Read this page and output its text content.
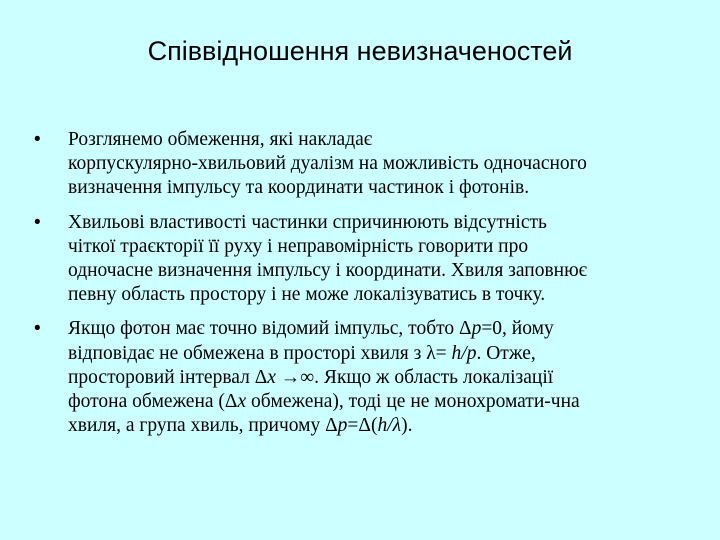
Співвідношення невизначеностей
• Розглянемо обмеження, які накладає
корпускулярно-хвильовий дуалізм на можливість одночасного
визначення імпульсу та координати частинок і фотонів.
• Хвильові властивості частинки спричинюють відсутність
чіткої траєкторії її руху і неправомірність говорити про
одночасне визначення імпульсу і координати. Хвиля заповнює
певну область простору і не може локалізуватись в точку.
• Якщо фотон має точно відомий імпульс, тобто Δp=0, йому
відповідає не обмежена в просторі хвиля з λ= h/p. Отже,
просторовий інтервал Δx →∞. Якщо ж область локалізації
фотона обмежена (Δx обмежена), тоді це не монохромати-чна
хвиля, а група хвиль, причому Δp=Δ(h/λ).
